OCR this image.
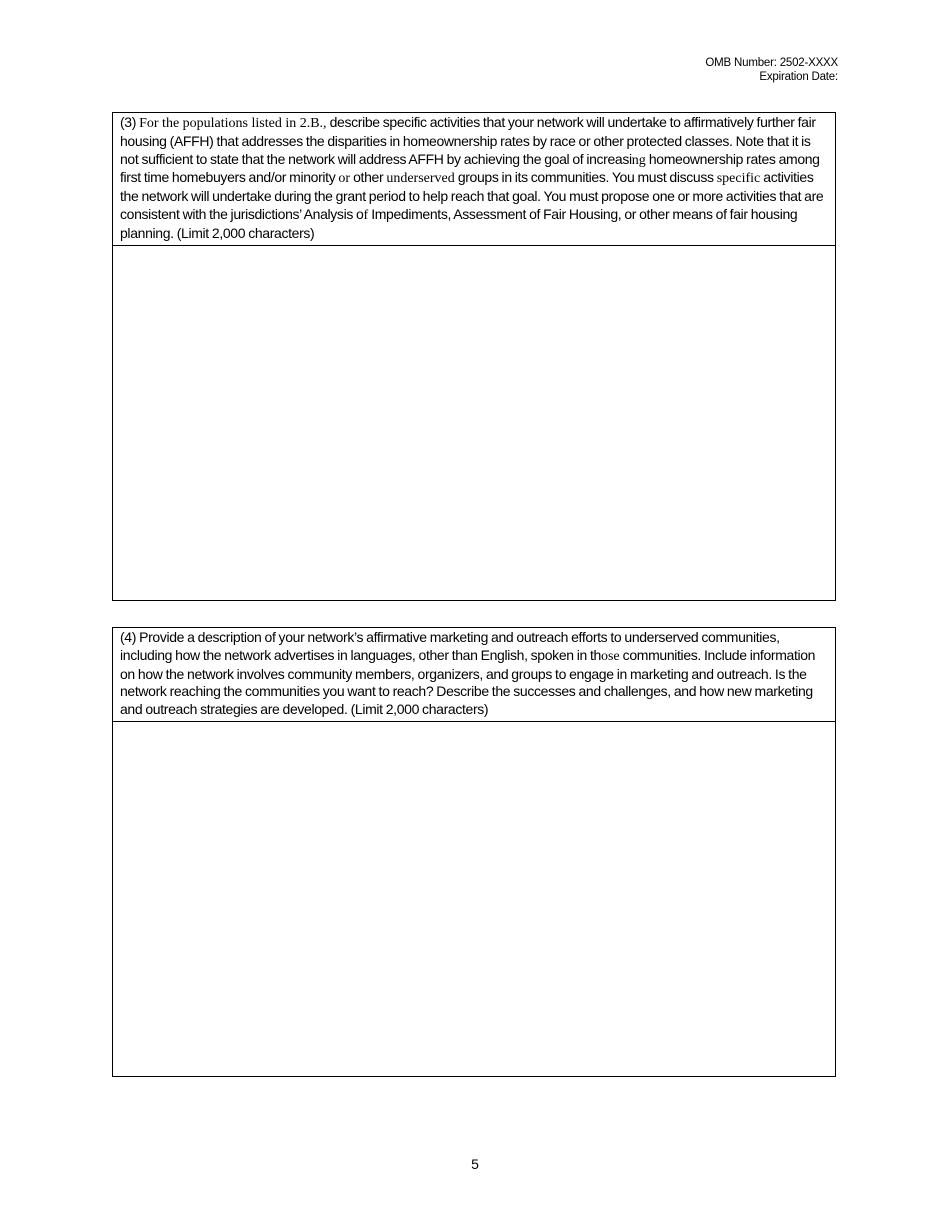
OMB Number: 2502-XXXX
Expiration Date:
(3) For the populations listed in 2.B., describe specific activities that your network will undertake to affirmatively further fair housing (AFFH) that addresses the disparities in homeownership rates by race or other protected classes. Note that it is not sufficient to state that the network will address AFFH by achieving the goal of increasing homeownership rates among first time homebuyers and/or minority or other underserved groups in its communities. You must discuss specific activities the network will undertake during the grant period to help reach that goal. You must propose one or more activities that are consistent with the jurisdictions’ Analysis of Impediments, Assessment of Fair Housing, or other means of fair housing planning. (Limit 2,000 characters)
(4) Provide a description of your network’s affirmative marketing and outreach efforts to underserved communities, including how the network advertises in languages, other than English, spoken in those communities. Include information on how the network involves community members, organizers, and groups to engage in marketing and outreach. Is the network reaching the communities you want to reach? Describe the successes and challenges, and how new marketing and outreach strategies are developed. (Limit 2,000 characters)
5
